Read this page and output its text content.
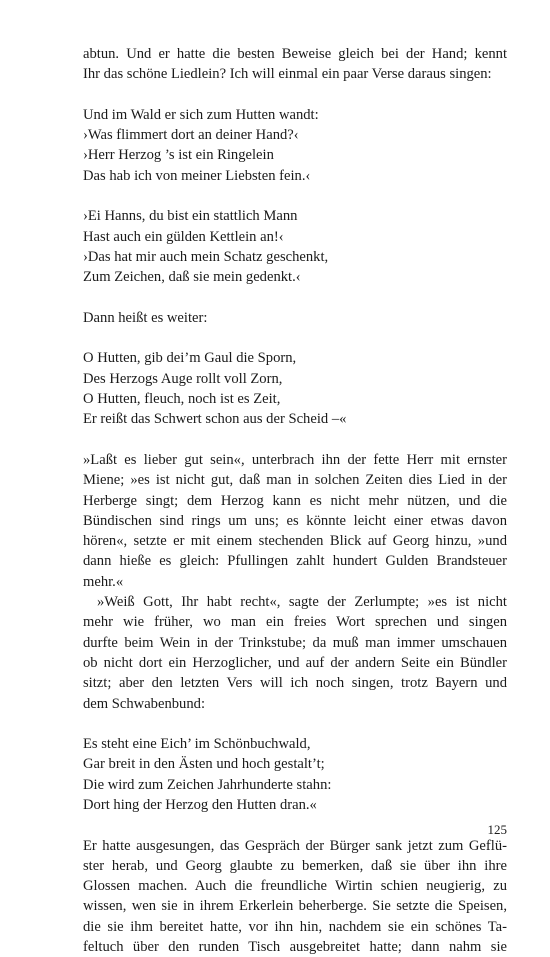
abtun. Und er hatte die besten Beweise gleich bei der Hand; kennt
Ihr das schöne Liedlein? Ich will einmal ein paar Verse daraus singen:
Und im Wald er sich zum Hutten wandt:
›Was flimmert dort an deiner Hand?‹
›Herr Herzog ’s ist ein Ringelein
Das hab ich von meiner Liebsten fein.‹
›Ei Hanns, du bist ein stattlich Mann
Hast auch ein gülden Kettlein an!‹
›Das hat mir auch mein Schatz geschenkt,
Zum Zeichen, daß sie mein gedenkt.‹
Dann heißt es weiter:
O Hutten, gib dei’m Gaul die Sporn,
Des Herzogs Auge rollt voll Zorn,
O Hutten, fleuch, noch ist es Zeit,
Er reißt das Schwert schon aus der Scheid –«
»Laßt es lieber gut sein«, unterbrach ihn der fette Herr mit ernster
Miene; »es ist nicht gut, daß man in solchen Zeiten dies Lied in der
Herberge singt; dem Herzog kann es nicht mehr nützen, und die
Bündischen sind rings um uns; es könnte leicht einer etwas davon
hören«, setzte er mit einem stechenden Blick auf Georg hinzu, »und
dann hieße es gleich: Pfullingen zahlt hundert Gulden Brandsteuer
mehr.«
»Weiß Gott, Ihr habt recht«, sagte der Zerlumpte; »es ist nicht
mehr wie früher, wo man ein freies Wort sprechen und singen
durfte beim Wein in der Trinkstube; da muß man immer umschauen
ob nicht dort ein Herzoglicher, und auf der andern Seite ein Bündler
sitzt; aber den letzten Vers will ich noch singen, trotz Bayern und
dem Schwabenbund:
Es steht eine Eich’ im Schönbuchwald,
Gar breit in den Ästen und hoch gestalt’t;
Die wird zum Zeichen Jahrhunderte stahn:
Dort hing der Herzog den Hutten dran.«
Er hatte ausgesungen, das Gespräch der Bürger sank jetzt zum Geflü-
ster herab, und Georg glaubte zu bemerken, daß sie über ihn ihre
Glossen machen. Auch die freundliche Wirtin schien neugierig, zu
wissen, wen sie in ihrem Erkerlein beherberge. Sie setzte die Speisen,
die sie ihm bereitet hatte, vor ihn hin, nachdem sie ein schönes Ta-
feltuch über den runden Tisch ausgebreitet hatte; dann nahm sie
125
